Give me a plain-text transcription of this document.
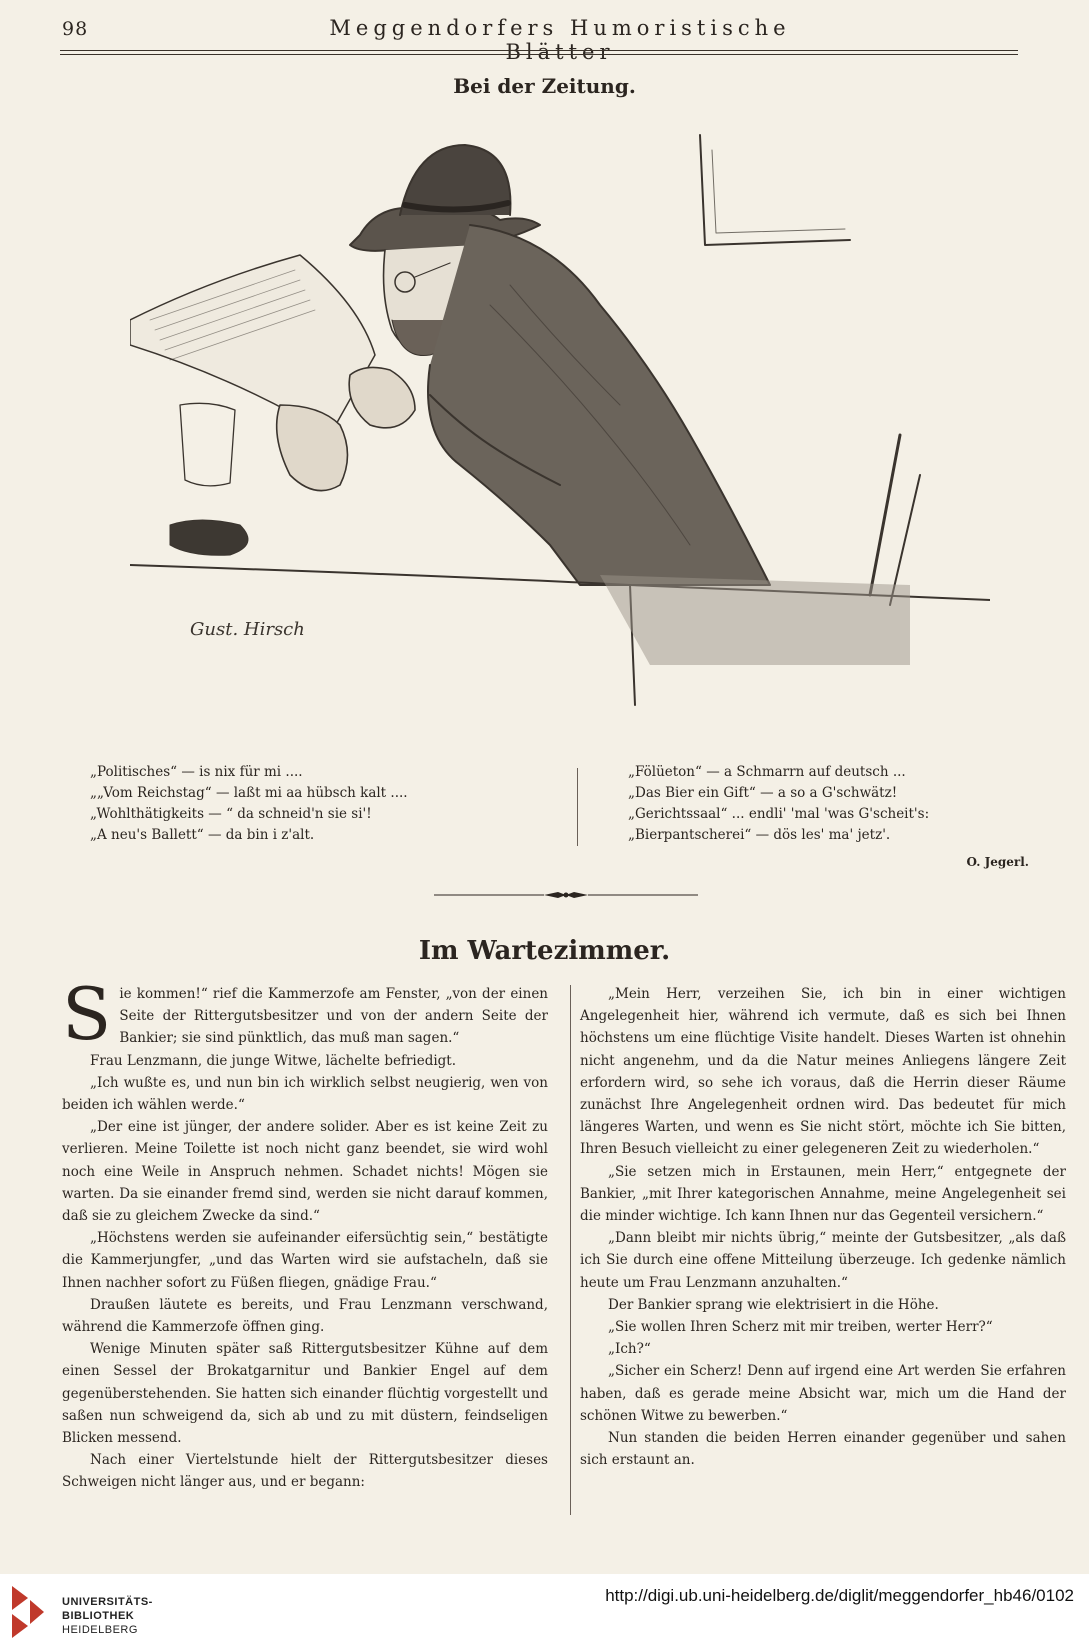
98	Meggendorfers Humoristische Blätter
Bei der Zeitung.
Gust. Hirsch
„Politisches“ — is nix für mi ....
„„Vom Reichstag“ — laßt mi aa hübsch kalt ....
„Wohlthätigkeits — “ da schneid'n sie si'!
„A neu's Ballett“ — da bin i z'alt.
„Fölüeton“ — a Schmarrn auf deutsch ...
„Das Bier ein Gift“ — a so a G'schwätz!
„Gerichtssaal“ ... endli' 'mal 'was G'scheit's:
„Bierpantscherei“ — dös les' ma' jetz'.
O. Jegerl.
Im Wartezimmer.

Sie kommen!“ rief die Kammerzofe am Fenster, „von der einen Seite der Rittergutsbesitzer und von der andern Seite der Bankier; sie sind pünktlich, das muß man sagen.“

Frau Lenzmann, die junge Witwe, lächelte befriedigt.

„Ich wußte es, und nun bin ich wirklich selbst neugierig, wen von beiden ich wählen werde.“

„Der eine ist jünger, der andere solider. Aber es ist keine Zeit zu verlieren. Meine Toilette ist noch nicht ganz beendet, sie wird wohl noch eine Weile in Anspruch nehmen. Schadet nichts! Mögen sie warten. Da sie einander fremd sind, werden sie nicht darauf kommen, daß sie zu gleichem Zwecke da sind.“

„Höchstens werden sie aufeinander eifersüchtig sein,“ bestätigte die Kammerjungfer, „und das Warten wird sie aufstacheln, daß sie Ihnen nachher sofort zu Füßen fliegen, gnädige Frau.“

Draußen läutete es bereits, und Frau Lenzmann verschwand, während die Kammerzofe öffnen ging.

Wenige Minuten später saß Rittergutsbesitzer Kühne auf dem einen Sessel der Brokatgarnitur und Bankier Engel auf dem gegenüberstehenden. Sie hatten sich einander flüchtig vorgestellt und saßen nun schweigend da, sich ab und zu mit düstern, feindseligen Blicken messend.

Nach einer Viertelstunde hielt der Rittergutsbesitzer dieses Schweigen nicht länger aus, und er begann:

„Mein Herr, verzeihen Sie, ich bin in einer wichtigen Angelegenheit hier, während ich vermute, daß es sich bei Ihnen höchstens um eine flüchtige Visite handelt. Dieses Warten ist ohnehin nicht angenehm, und da die Natur meines Anliegens längere Zeit erfordern wird, so sehe ich voraus, daß die Herrin dieser Räume zunächst Ihre Angelegenheit ordnen wird. Das bedeutet für mich längeres Warten, und wenn es Sie nicht stört, möchte ich Sie bitten, Ihren Besuch vielleicht zu einer gelegeneren Zeit zu wiederholen.“

„Sie setzen mich in Erstaunen, mein Herr,“ entgegnete der Bankier, „mit Ihrer kategorischen Annahme, meine Angelegenheit sei die minder wichtige. Ich kann Ihnen nur das Gegenteil versichern.“

„Dann bleibt mir nichts übrig,“ meinte der Gutsbesitzer, „als daß ich Sie durch eine offene Mitteilung überzeuge. Ich gedenke nämlich heute um Frau Lenzmann anzuhalten.“

Der Bankier sprang wie elektrisiert in die Höhe.

„Sie wollen Ihren Scherz mit mir treiben, werter Herr?“

„Ich?“

„Sicher ein Scherz! Denn auf irgend eine Art werden Sie erfahren haben, daß es gerade meine Absicht war, mich um die Hand der schönen Witwe zu bewerben.“

Nun standen die beiden Herren einander gegenüber und sahen sich erstaunt an.

UNIVERSITÄTS-
BIBLIOTHEK
HEIDELBERG
http://digi.ub.uni-heidelberg.de/diglit/meggendorfer_hb46/0102
